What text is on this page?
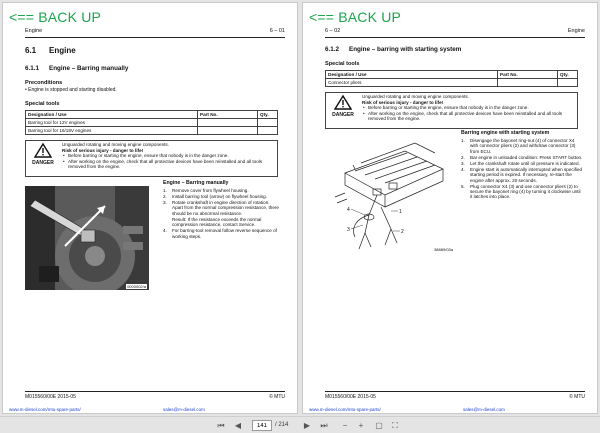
<== BACK UP
Engine	6 – 01
6.1 Engine
6.1.1 Engine – Barring manually
Preconditions
• Engine is stopped and starting disabled.
Special tools
Designation / Use	Part No.	Qty.
Barring tool for 12V engines		
Barring tool for 16/18V engines		
DANGER
Unguarded rotating and moving engine components.
Risk of serious injury - danger to life!
• Before barring or starting the engine, ensure that nobody is in the danger zone.
• After working on the engine, check that all protective devices have been reinstalled and all tools removed from the engine.
0000002/a
Engine – Barring manually
1. Remove cover from flywheel housing.
2. Install barring tool (arrow) on flywheel housing.
3. Rotate crankshaft in engine direction of rotation. Apart from the normal compression resistance, there should be no abnormal resistance.
Result: If the resistance exceeds the normal compression resistance, contact Service.
4. For barring-tool removal follow reverse sequence of working steps.
M015560/00E 2015-05	© MTU
www.m-diesel.com/mtu-spare-parts/	sales@m-diesel.com
<== BACK UP
6 – 02	Engine
6.1.2 Engine – barring with starting system
Special tools
Designation / Use	Part No.	Qty.
Connector pliers		
DANGER
Unguarded rotating and moving engine components.
Risk of serious injury - danger to life!
• Before barring or starting the engine, ensure that nobody is in the danger zone.
• After working on the engine, check that all protective devices have been reinstalled and all tools removed from the engine.
1
2
3
4
38889/03a
Barring engine with starting system
1. Disengage the bayonet ring-nut (4) of connector X4 with connector pliers (2) and withdraw connector (3) from ECU.
2. Bar engine in unloaded condition: Press START button.
3. Let the crankshaft rotate until oil pressure is indicated.
4. Engine start is automatically interrupted when specified starting period is expired. If necessary, re-start the engine after approx. 20 seconds.
5. Plug connector X4 (3) and use connector pliers (2) to secure the bayonet ring (4) by turning it clockwise until it latches into place.
M015560/00E 2015-05	© MTU
www.m-diesel.com/mtu-spare-parts/	sales@m-diesel.com
⏮	◀
141	/ 214	▶	⏭	−	+	▢	⛶
